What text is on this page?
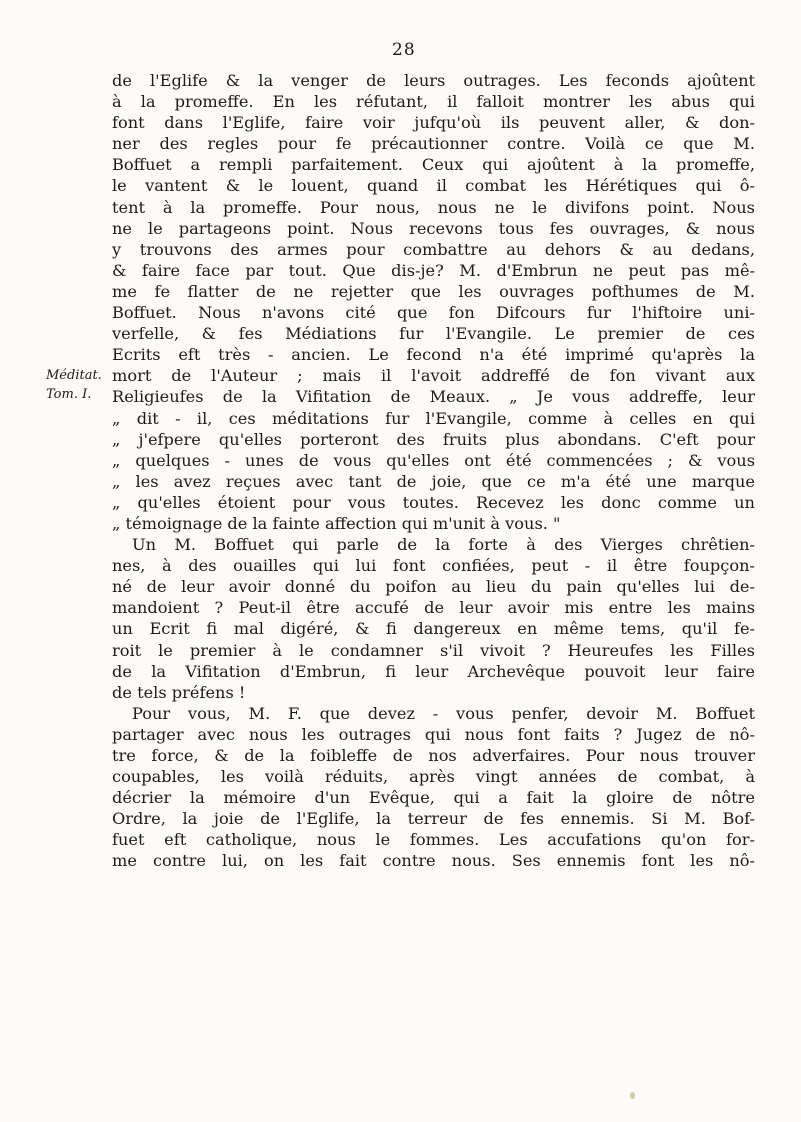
28
Méditat.
Tom. I.
de l'Eglife & la venger de leurs outrages. Les feconds ajoûtent
à la promeffe. En les réfutant, il falloit montrer les abus qui
font dans l'Eglife, faire voir jufqu'où ils peuvent aller, & don-
ner des regles pour fe précautionner contre. Voilà ce que M.
Boffuet a rempli parfaitement. Ceux qui ajoûtent à la promeffe,
le vantent & le louent, quand il combat les Hérétiques qui ô-
tent à la promeffe. Pour nous, nous ne le divifons point. Nous
ne le partageons point. Nous recevons tous fes ouvrages, & nous
y trouvons des armes pour combattre au dehors & au dedans,
& faire face par tout. Que dis-je? M. d'Embrun ne peut pas mê-
me fe flatter de ne rejetter que les ouvrages pofthumes de M.
Boffuet. Nous n'avons cité que fon Difcours fur l'hiftoire uni-
verfelle, & fes Médiations fur l'Evangile. Le premier de ces
Ecrits eft très - ancien. Le fecond n'a été imprimé qu'après la
mort de l'Auteur ; mais il l'avoit addreffé de fon vivant aux
Religieufes de la Vifitation de Meaux. „ Je vous addreffe, leur
„ dit - il, ces méditations fur l'Evangile, comme à celles en qui
„ j'efpere qu'elles porteront des fruits plus abondans. C'eft pour
„ quelques - unes de vous qu'elles ont été commencées ; & vous
„ les avez reçues avec tant de joie, que ce m'a été une marque
„ qu'elles étoient pour vous toutes. Recevez les donc comme un
„ témoignage de la fainte affection qui m'unit à vous. "
Un M. Boffuet qui parle de la forte à des Vierges chrêtien-
nes, à des ouailles qui lui font confiées, peut - il être foupçon-
né de leur avoir donné du poifon au lieu du pain qu'elles lui de-
mandoient ? Peut-il être accufé de leur avoir mis entre les mains
un Ecrit fi mal digéré, & fi dangereux en même tems, qu'il fe-
roit le premier à le condamner s'il vivoit ? Heureufes les Filles
de la Vifitation d'Embrun, fi leur Archevêque pouvoit leur faire
de tels préfens !
Pour vous, M. F. que devez - vous penfer, devoir M. Boffuet
partager avec nous les outrages qui nous font faits ? Jugez de nô-
tre force, & de la foibleffe de nos adverfaires. Pour nous trouver
coupables, les voilà réduits, après vingt années de combat, à
décrier la mémoire d'un Evêque, qui a fait la gloire de nôtre
Ordre, la joie de l'Eglife, la terreur de fes ennemis. Si M. Bof-
fuet eft catholique, nous le fommes. Les accufations qu'on for-
me contre lui, on les fait contre nous. Ses ennemis font les nô-
